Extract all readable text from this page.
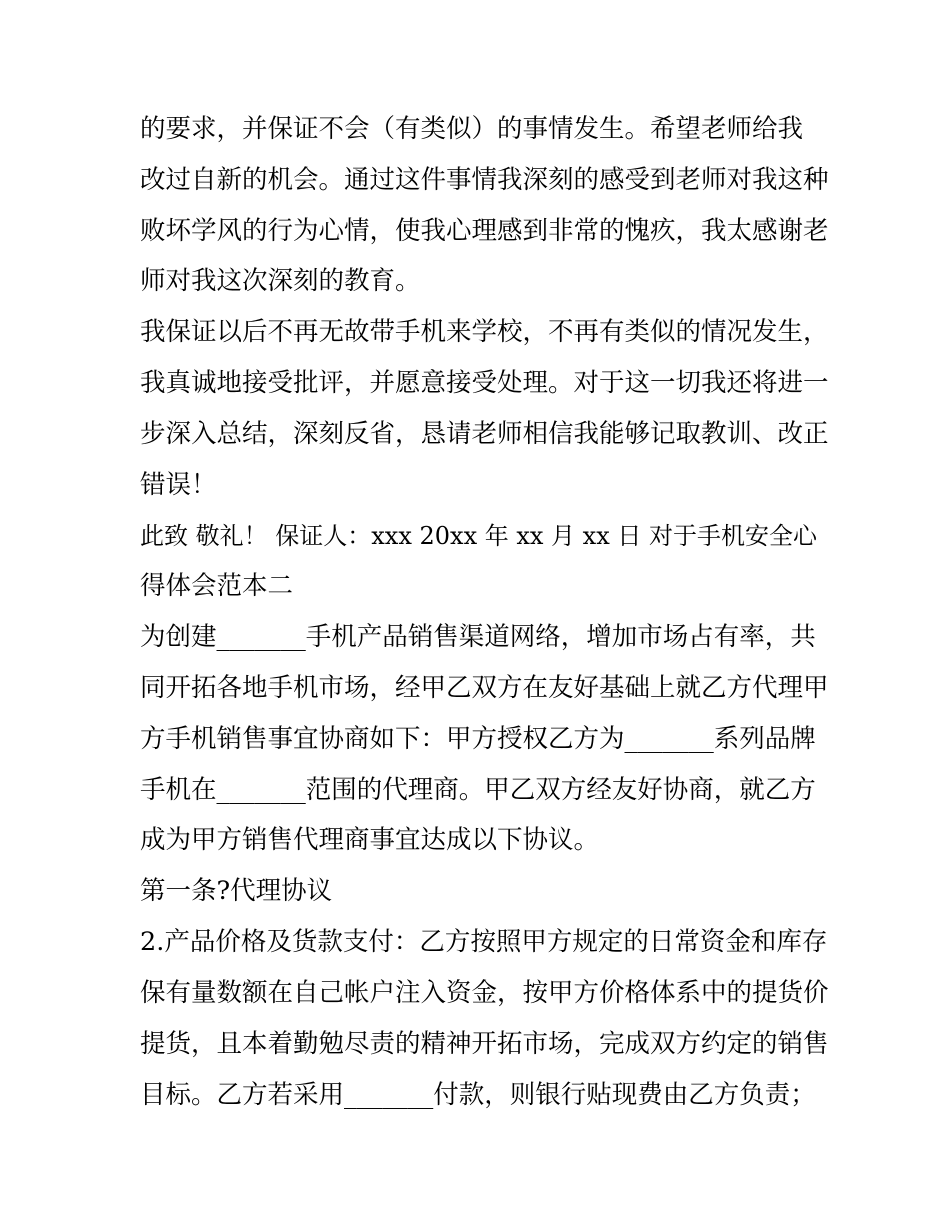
的要求，并保证不会（有类似）的事情发生。希望老师给我
改过自新的机会。通过这件事情我深刻的感受到老师对我这种
败坏学风的行为心情，使我心理感到非常的愧疚，我太感谢老
师对我这次深刻的教育。
我保证以后不再无故带手机来学校，不再有类似的情况发生，
我真诚地接受批评，并愿意接受处理。对于这一切我还将进一
步深入总结，深刻反省，恳请老师相信我能够记取教训、改正
错误！
此致 敬礼！ 保证人：xxx 20xx 年 xx 月 xx 日 对于手机安全心
得体会范本二
为创建_______手机产品销售渠道网络，增加市场占有率，共
同开拓各地手机市场，经甲乙双方在友好基础上就乙方代理甲
方手机销售事宜协商如下：甲方授权乙方为_______系列品牌
手机在_______范围的代理商。甲乙双方经友好协商，就乙方
成为甲方销售代理商事宜达成以下协议。
第一条?代理协议
2.产品价格及货款支付：乙方按照甲方规定的日常资金和库存
保有量数额在自己帐户注入资金，按甲方价格体系中的提货价
提货，且本着勤勉尽责的精神开拓市场，完成双方约定的销售
目标。乙方若采用_______付款，则银行贴现费由乙方负责；
